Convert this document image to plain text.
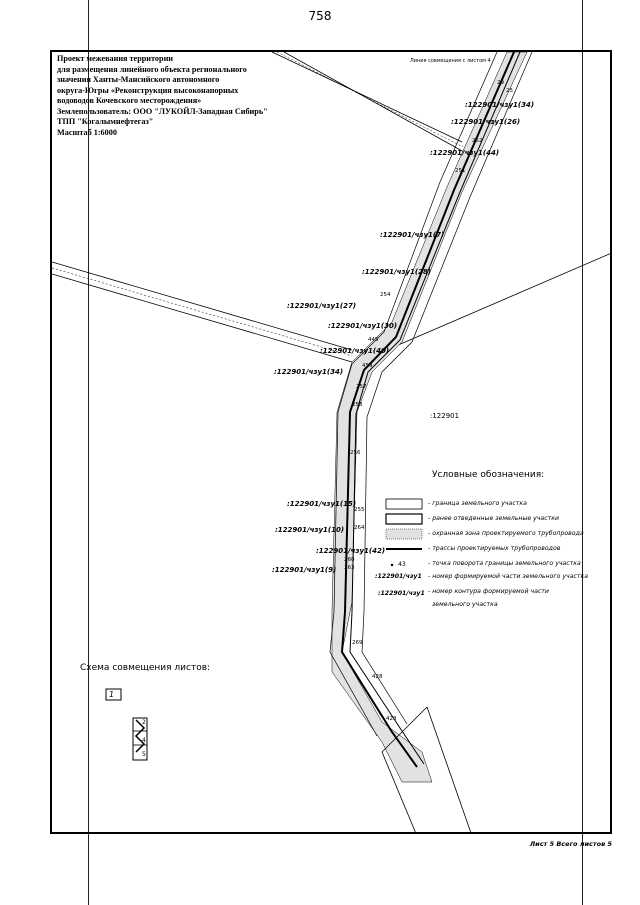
758
Проект межевания территории
для размещения линейного объекта регионального
значения Ханты-Мансийского автономного
округа-Югры «Реконструкция высоконапорных
водоводов Кочевского месторождения»
Землепользователь: ООО "ЛУКОЙЛ-Западная Сибирь"
ТПП "Когалымнефтегаз"
Масштаб 1:6000
Линия совмещения с листом 4
:122901/чзу1(34)
:122901/чзу1(26)
:122901/чзу1(44)
:122901/чзу1(7)
:122901/чзу1(28)
:122901/чзу1(27)
:122901/чзу1(30)
:122901/чзу1(40)
:122901/чзу1(34)
:122901
:122901/чзу1(15)
:122901/чзу1(10)
:122901/чзу1(42)
:122901/чзу1(9)
29
25
252
251
254
445
459
257
258
256
255
264
260
263
269
428
423
Условные обозначения:
- граница земельного участка
- ранее отведенные земельные участки
- охранная зона проектируемого трубопровода
- трассы проектируемых трубопроводов
43	- точка поворота границы земельного участка
:122901/чзу1 - номер формируемой части земельного участка
:122901/чзу1 - номер контура формируемой части
земельного участка
Схема совмещения листов:
1
2
4
5
Лист 5 Всего листов 5
